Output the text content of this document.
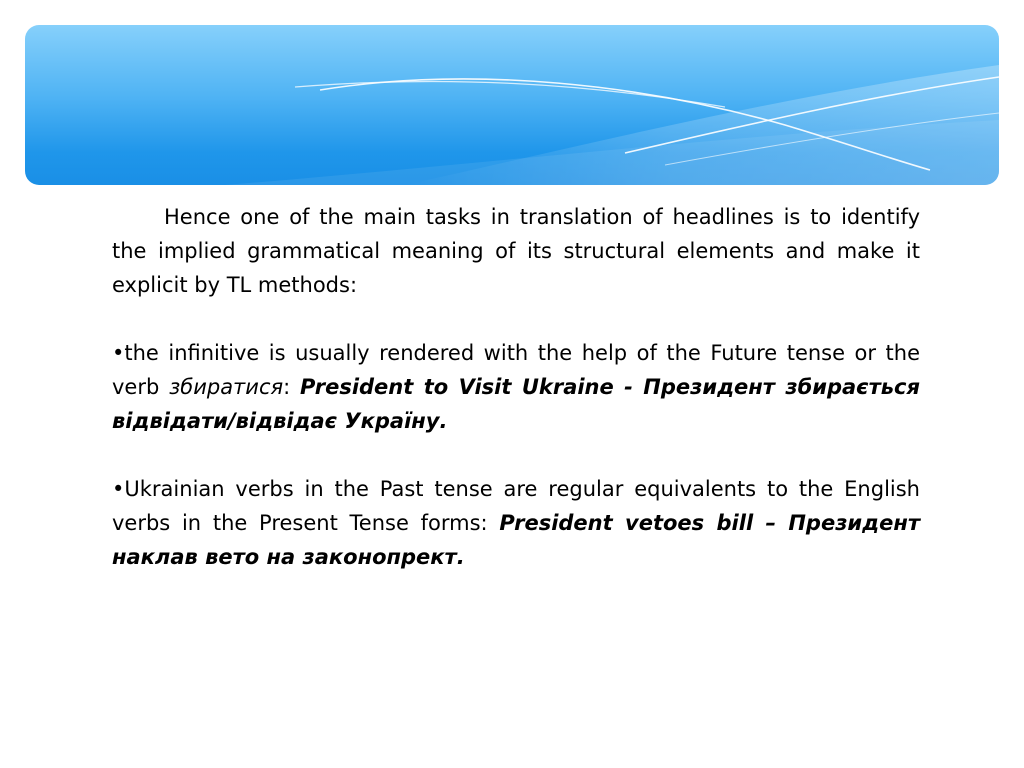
Hence one of the main tasks in translation of headlines is to identify the implied grammatical meaning of its structural elements and make it explicit by TL methods:

•the infinitive is usually rendered with the help of the Future tense or the verb збиратися: President to Visit Ukraine - Президент збирається відвідати/відвідає Україну.

•Ukrainian verbs in the Past tense are regular equivalents to the English verbs in the Present Tense forms: President vetoes bill – Президент наклав вето на законопрект.
